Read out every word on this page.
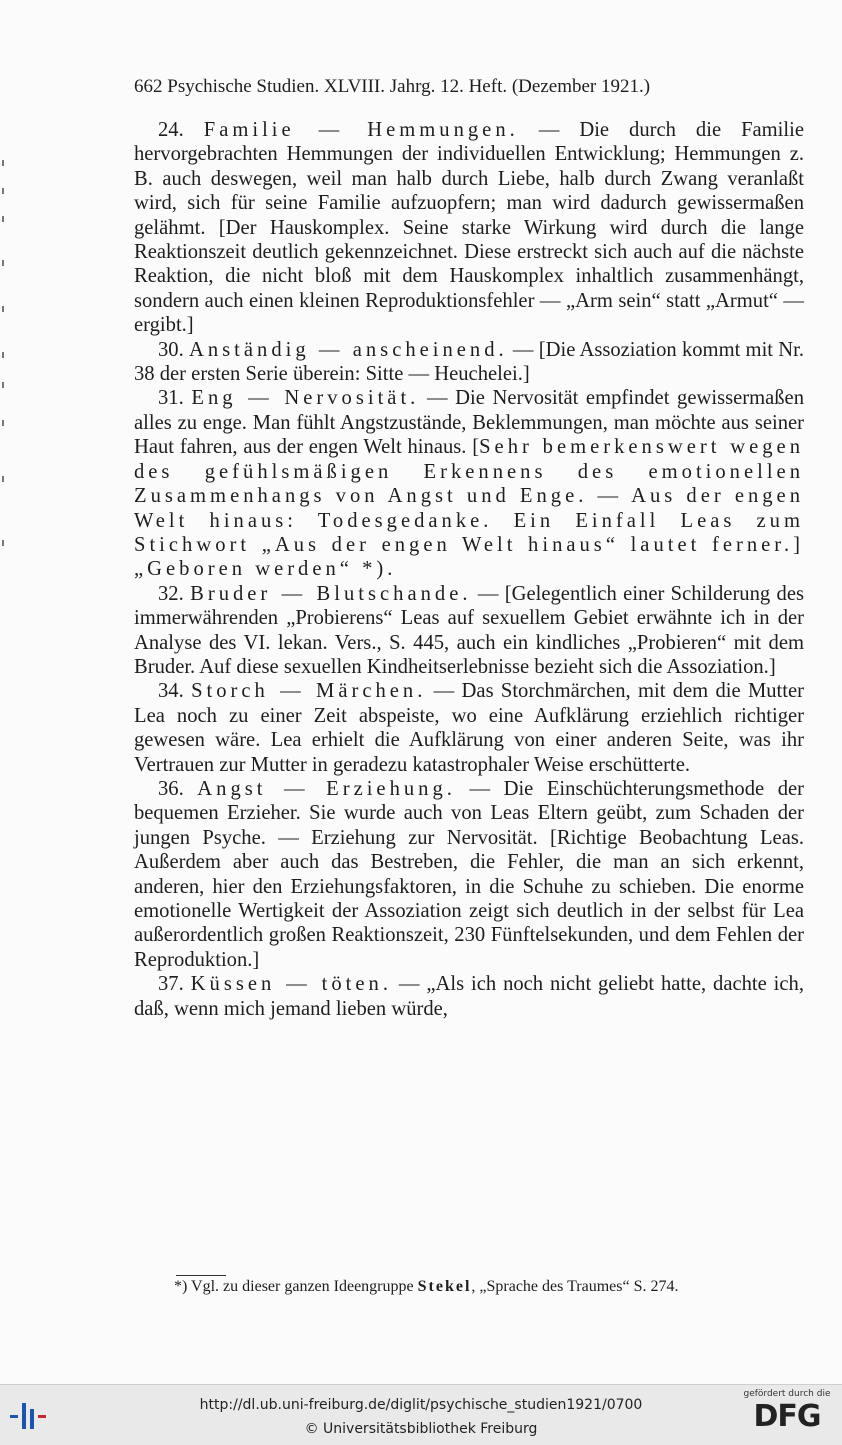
662 Psychische Studien. XLVIII. Jahrg. 12. Heft. (Dezember 1921.)

24. Familie — Hemmungen. — Die durch die Familie hervorgebrachten Hemmungen der individuellen Entwicklung; Hemmungen z. B. auch deswegen, weil man halb durch Liebe, halb durch Zwang veranlaßt wird, sich für seine Familie aufzuopfern; man wird dadurch gewissermaßen gelähmt. [Der Hauskomplex. Seine starke Wirkung wird durch die lange Reaktionszeit deutlich gekennzeichnet. Diese erstreckt sich auch auf die nächste Reaktion, die nicht bloß mit dem Hauskomplex inhaltlich zusammenhängt, sondern auch einen kleinen Reproduktionsfehler — „Arm sein“ statt „Armut“ — ergibt.]

30. Anständig — anscheinend. — [Die Assoziation kommt mit Nr. 38 der ersten Serie überein: Sitte — Heuchelei.]

31. Eng — Nervosität. — Die Nervosität empfindet gewissermaßen alles zu enge. Man fühlt Angstzustände, Beklemmungen, man möchte aus seiner Haut fahren, aus der engen Welt hinaus. [Sehr bemerkenswert wegen des gefühlsmäßigen Erkennens des emotionellen Zusammenhangs von Angst und Enge. — Aus der engen Welt hinaus: Todesgedanke. Ein Einfall Leas zum Stichwort „Aus der engen Welt hinaus“ lautet ferner.] „Geboren werden“ *).

32. Bruder — Blutschande. — [Gelegentlich einer Schilderung des immerwährenden „Probierens“ Leas auf sexuellem Gebiet erwähnte ich in der Analyse des VI. lekan. Vers., S. 445, auch ein kindliches „Probieren“ mit dem Bruder. Auf diese sexuellen Kindheitserlebnisse bezieht sich die Assoziation.]

34. Storch — Märchen. — Das Storchmärchen, mit dem die Mutter Lea noch zu einer Zeit abspeiste, wo eine Aufklärung erziehlich richtiger gewesen wäre. Lea erhielt die Aufklärung von einer anderen Seite, was ihr Vertrauen zur Mutter in geradezu katastrophaler Weise erschütterte.

36. Angst — Erziehung. — Die Einschüchterungsmethode der bequemen Erzieher. Sie wurde auch von Leas Eltern geübt, zum Schaden der jungen Psyche. — Erziehung zur Nervosität. [Richtige Beobachtung Leas. Außerdem aber auch das Bestreben, die Fehler, die man an sich erkennt, anderen, hier den Erziehungsfaktoren, in die Schuhe zu schieben. Die enorme emotionelle Wertigkeit der Assoziation zeigt sich deutlich in der selbst für Lea außerordentlich großen Reaktionszeit, 230 Fünftelsekunden, und dem Fehlen der Reproduktion.]

37. Küssen — töten. — „Als ich noch nicht geliebt hatte, dachte ich, daß, wenn mich jemand lieben würde,

*) Vgl. zu dieser ganzen Ideengruppe Stekel, „Sprache des Traumes“ S. 274.
http://dl.ub.uni-freiburg.de/diglit/psychische_studien1921/0700
© Universitätsbibliothek Freiburg
gefördert durch die
DFG
